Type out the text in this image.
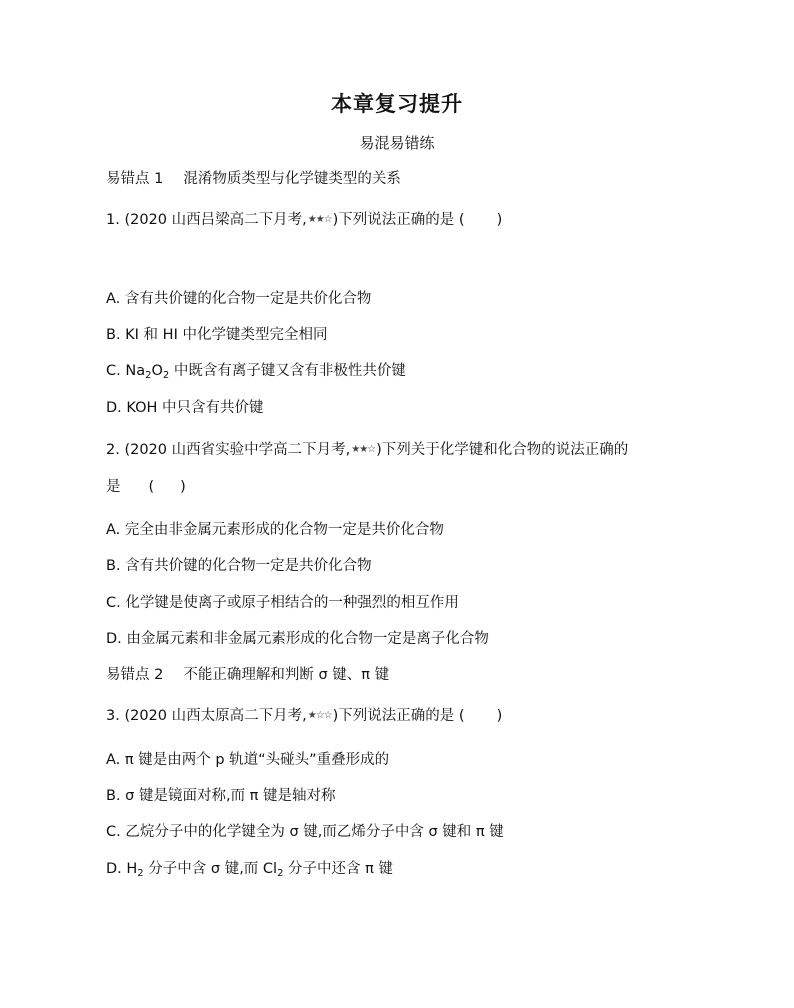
本章复习提升
易混易错练
易错点 1 混淆物质类型与化学键类型的关系
1. (2020 山西吕梁高二下月考,★★☆)下列说法正确的是 ( )
A. 含有共价键的化合物一定是共价化合物
B. KI 和 HI 中化学键类型完全相同
C. $Na_2O_2$ 中既含有离子键又含有非极性共价键
D. KOH 中只含有共价键
2. (2020 山西省实验中学高二下月考,★★☆)下列关于化学键和化合物的说法正确的
是 ( )
A. 完全由非金属元素形成的化合物一定是共价化合物
B. 含有共价键的化合物一定是共价化合物
C. 化学键是使离子或原子相结合的一种强烈的相互作用
D. 由金属元素和非金属元素形成的化合物一定是离子化合物
易错点 2 不能正确理解和判断 σ 键、π 键
3. (2020 山西太原高二下月考,★☆☆)下列说法正确的是 ( )
A. π 键是由两个 p 轨道“头碰头”重叠形成的
B. σ 键是镜面对称,而 π 键是轴对称
C. 乙烷分子中的化学键全为 σ 键,而乙烯分子中含 σ 键和 π 键
D. $H_2$ 分子中含 σ 键,而 $Cl_2$ 分子中还含 π 键
